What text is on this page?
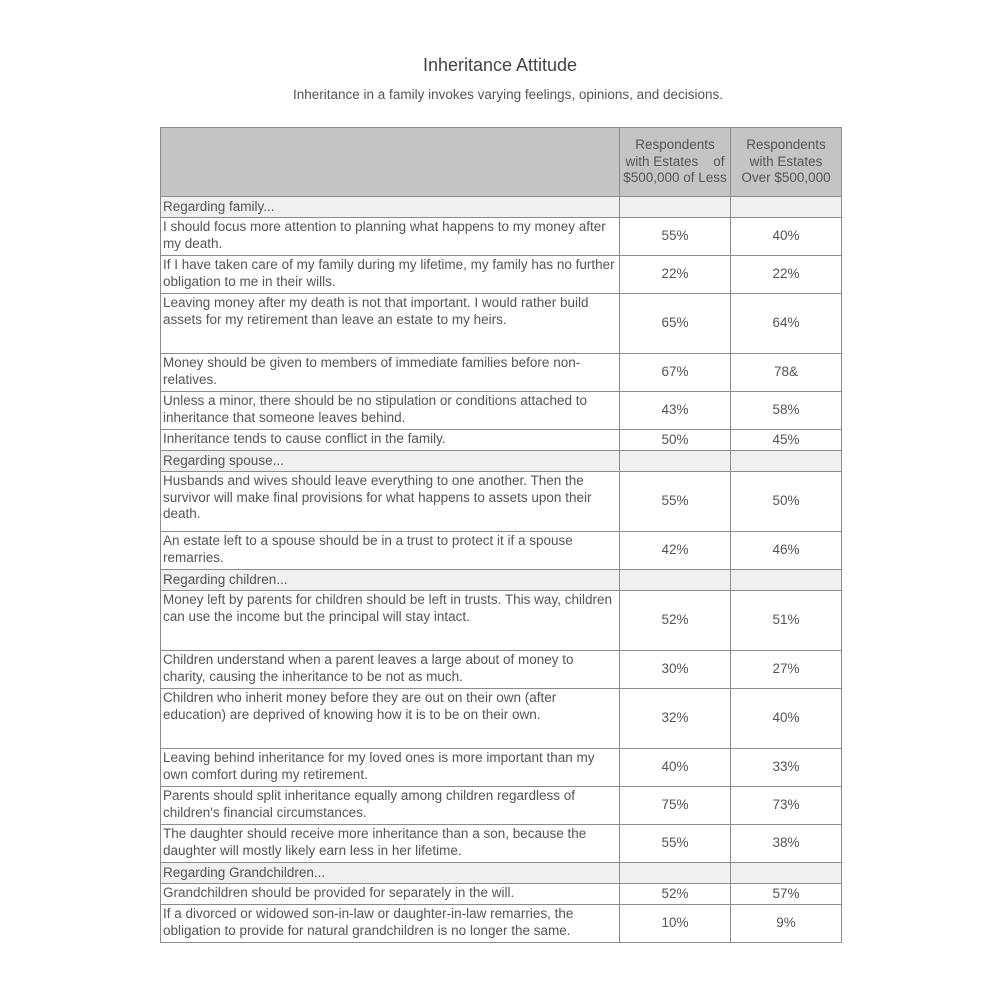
Inheritance Attitude
Inheritance in a family invokes varying feelings, opinions, and decisions.
	Respondents with Estates    of $500,000 of Less	Respondents with Estates Over $500,000
Regarding family...		
I should focus more attention to planning what happens to my money after my death.	55%	40%
If I have taken care of my family during my lifetime, my family has no further obligation to me in their wills.	22%	22%
Leaving money after my death is not that important. I would rather build assets for my retirement than leave an estate to my heirs.	65%	64%
Money should be given to members of immediate families before non-relatives.	67%	78&
Unless a minor, there should be no stipulation or conditions attached to inheritance that someone leaves behind.	43%	58%
Inheritance tends to cause conflict in the family.	50%	45%
Regarding spouse...		
Husbands and wives should leave everything to one another. Then the survivor will make final provisions for what happens to assets upon their death.	55%	50%
An estate left to a spouse should be in a trust to protect it if a spouse remarries.	42%	46%
Regarding children...		
Money left by parents for children should be left in trusts. This way, children can use the income but the principal will stay intact.	52%	51%
Children understand when a parent leaves a large about of money to charity, causing the inheritance to be not as much.	30%	27%
Children who inherit money before they are out on their own (after education) are deprived of knowing how it is to be on their own.	32%	40%
Leaving behind inheritance for my loved ones is more important than my own comfort during my retirement.	40%	33%
Parents should split inheritance equally among children regardless of children's financial circumstances.	75%	73%
The daughter should receive more inheritance than a son, because the daughter will mostly likely earn less in her lifetime.	55%	38%
Regarding Grandchildren...		
Grandchildren should be provided for separately in the will.	52%	57%
If a divorced or widowed son-in-law or daughter-in-law remarries, the obligation to provide for natural grandchildren is no longer the same.	10%	9%
